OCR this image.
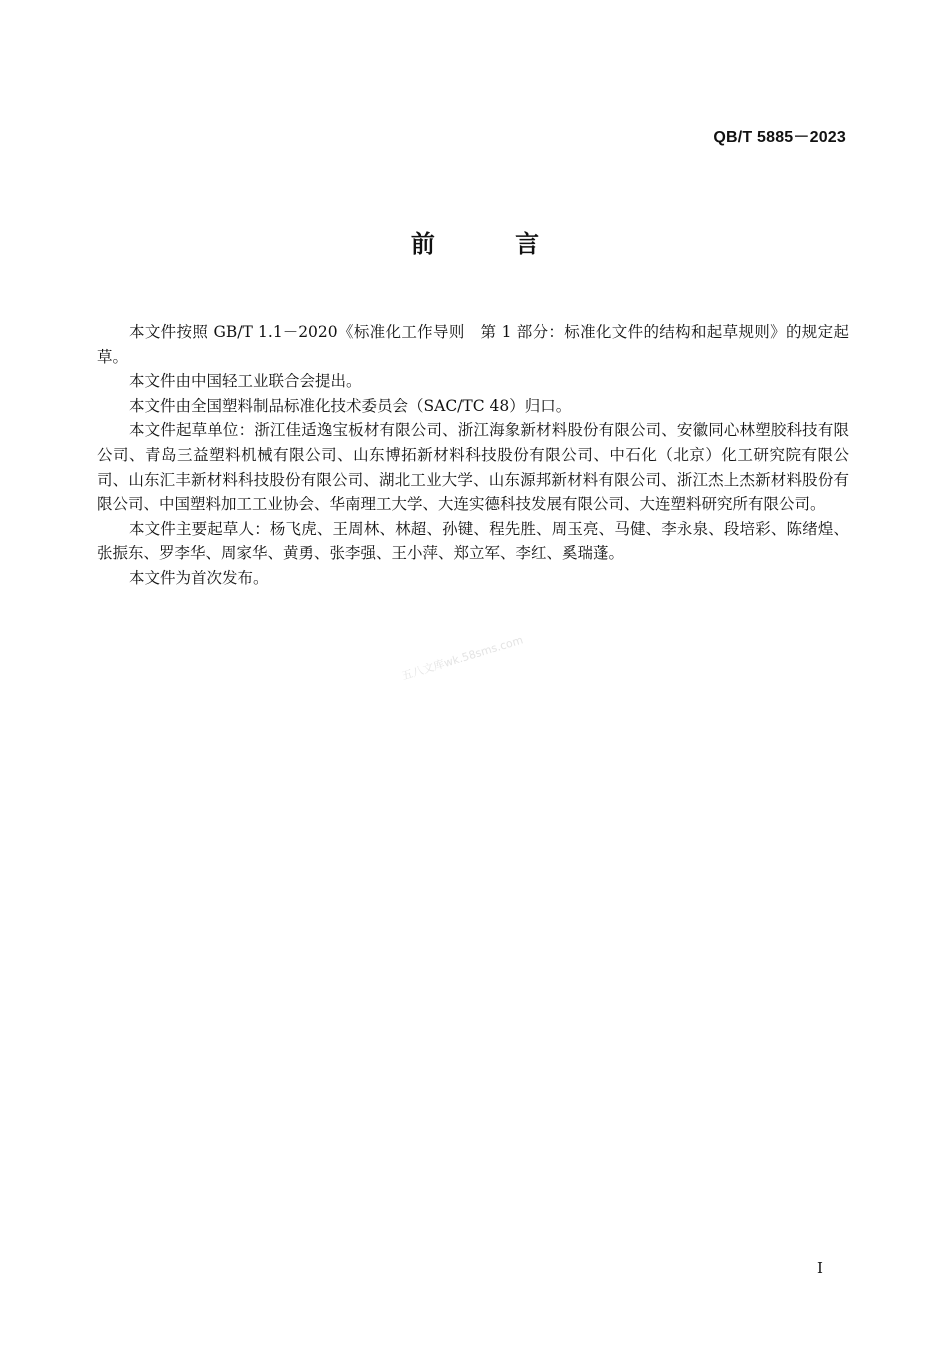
QB/T 5885－2023
前 言

本文件按照 GB/T 1.1－2020《标准化工作导则　第 1 部分：标准化文件的结构和起草规则》的规定起草。

本文件由中国轻工业联合会提出。

本文件由全国塑料制品标准化技术委员会（SAC/TC 48）归口。

本文件起草单位：浙江佳适逸宝板材有限公司、浙江海象新材料股份有限公司、安徽同心林塑胶科技有限公司、青岛三益塑料机械有限公司、山东博拓新材料科技股份有限公司、中石化（北京）化工研究院有限公司、山东汇丰新材料科技股份有限公司、湖北工业大学、山东源邦新材料有限公司、浙江杰上杰新材料股份有限公司、中国塑料加工工业协会、华南理工大学、大连实德科技发展有限公司、大连塑料研究所有限公司。

本文件主要起草人：杨飞虎、王周林、林超、孙键、程先胜、周玉亮、马健、李永泉、段培彩、陈绪煌、张振东、罗李华、周家华、黄勇、张李强、王小萍、郑立军、李红、奚瑞蓬。

本文件为首次发布。

五八文库wk.58sms.com
I
